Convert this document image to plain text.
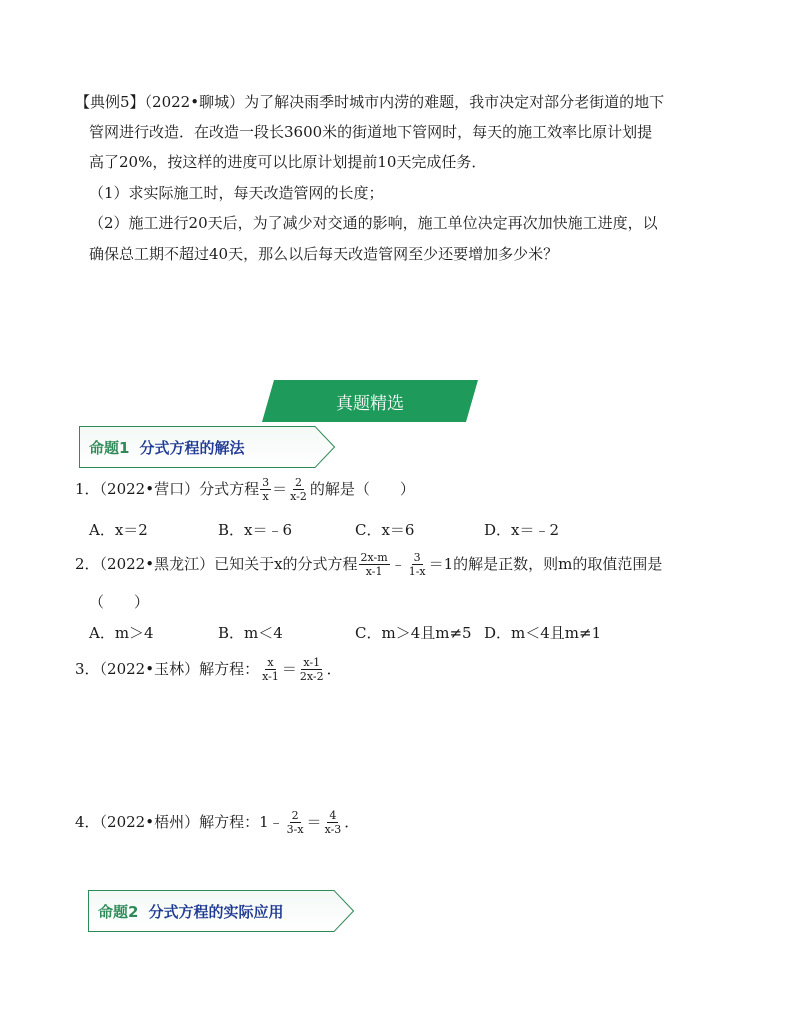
【典例5】（2022•聊城）为了解决雨季时城市内涝的难题，我市决定对部分老街道的地下
管网进行改造．在改造一段长3600米的街道地下管网时，每天的施工效率比原计划提
高了20%，按这样的进度可以比原计划提前10天完成任务．
（1）求实际施工时，每天改造管网的长度；
（2）施工进行20天后，为了减少对交通的影响，施工单位决定再次加快施工进度，以
确保总工期不超过40天，那么以后每天改造管网至少还要增加多少米？
真题精选
命题1 分式方程的解法
1．（2022•营口）分式方程 $\frac{3}{x} = \frac{2}{x-2}$ 的解是（　　）
A．x＝2	B．x＝﹣6	C．x＝6	D．x＝﹣2
2．（2022•黑龙江）已知关于x的分式方程 $\frac{2x-m}{x-1}$ ﹣ $\frac{3}{1-x} =1$的解是正数，则m的取值范围是
（　　）
A．m＞4	B．m＜4	C．m＞4且m≠5 D．m＜4且m≠1
3．（2022•玉林）解方程： $\frac{x}{x-1} = \frac{x-1}{2x-2}$ ．
4．（2022•梧州）解方程：1﹣ $\frac{2}{3-x} = \frac{4}{x-3}$ ．
命题2 分式方程的实际应用
